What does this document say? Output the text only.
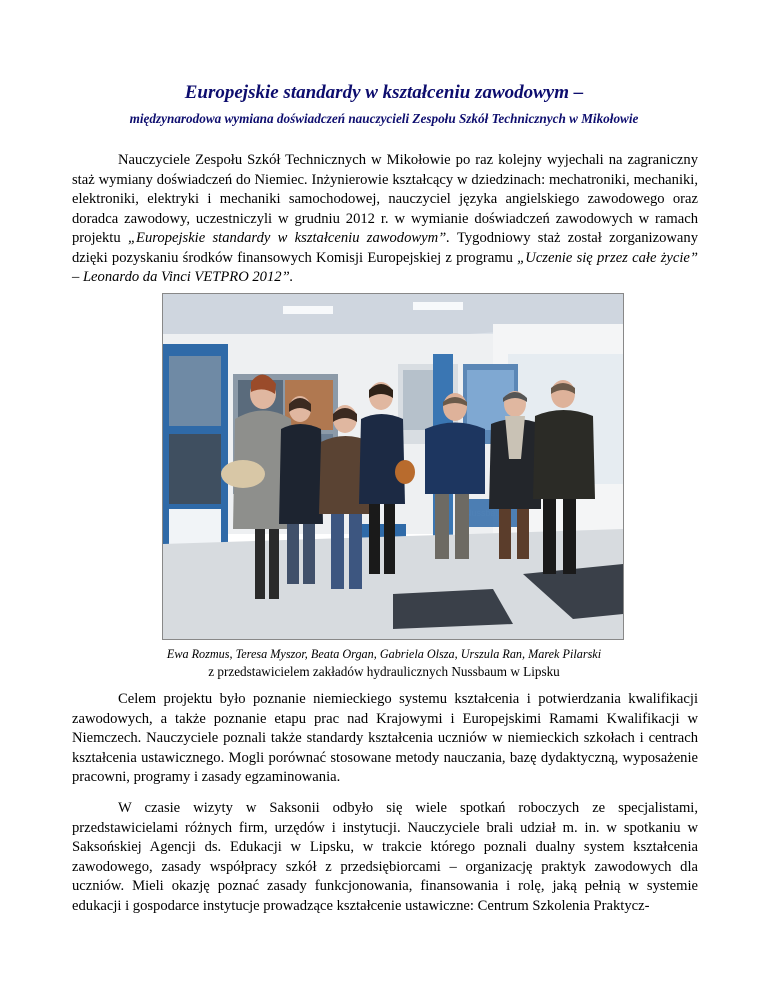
Europejskie standardy w kształceniu zawodowym –
międzynarodowa wymiana doświadczeń nauczycieli Zespołu Szkół Technicznych w Mikołowie
Nauczyciele Zespołu Szkół Technicznych w Mikołowie po raz kolejny wyjechali na zagraniczny staż wymiany doświadczeń do Niemiec. Inżynierowie kształcący w dziedzinach: mechatroniki, mechaniki, elektroniki, elektryki i mechaniki samochodowej, nauczyciel języka angielskiego zawodowego oraz doradca zawodowy, uczestniczyli w grudniu 2012 r. w wymianie doświadczeń zawodowych w ramach projektu „Europejskie standardy w kształceniu zawodowym”. Tygodniowy staż został zorganizowany dzięki pozyskaniu środków finansowych Komisji Europejskiej z programu „Uczenie się przez całe życie” – Leonardo da Vinci VETPRO 2012”.
Ewa Rozmus, Teresa Myszor, Beata Organ, Gabriela Olsza, Urszula Ran, Marek Pilarski
z przedstawicielem zakładów hydraulicznych Nussbaum w Lipsku
Celem projektu było poznanie niemieckiego systemu kształcenia i potwierdzania kwalifikacji zawodowych, a także poznanie etapu prac nad Krajowymi i Europejskimi Ramami Kwalifikacji w Niemczech. Nauczyciele poznali także standardy kształcenia uczniów w niemieckich szkołach i centrach kształcenia ustawicznego. Mogli porównać stosowane metody nauczania, bazę dydaktyczną, wyposażenie pracowni, programy i zasady egzaminowania.
W czasie wizyty w Saksonii odbyło się wiele spotkań roboczych ze specjalistami, przedstawicielami różnych firm, urzędów i instytucji. Nauczyciele brali udział m. in. w spotkaniu w Saksońskiej Agencji ds. Edukacji w Lipsku, w trakcie którego poznali dualny system kształcenia zawodowego, zasady współpracy szkół z przedsiębiorcami – organizację praktyk zawodowych dla uczniów. Mieli okazję poznać zasady funkcjonowania, finansowania i rolę, jaką pełnią w systemie edukacji i gospodarce instytucje prowadzące kształcenie ustawiczne: Centrum Szkolenia Praktycz-
